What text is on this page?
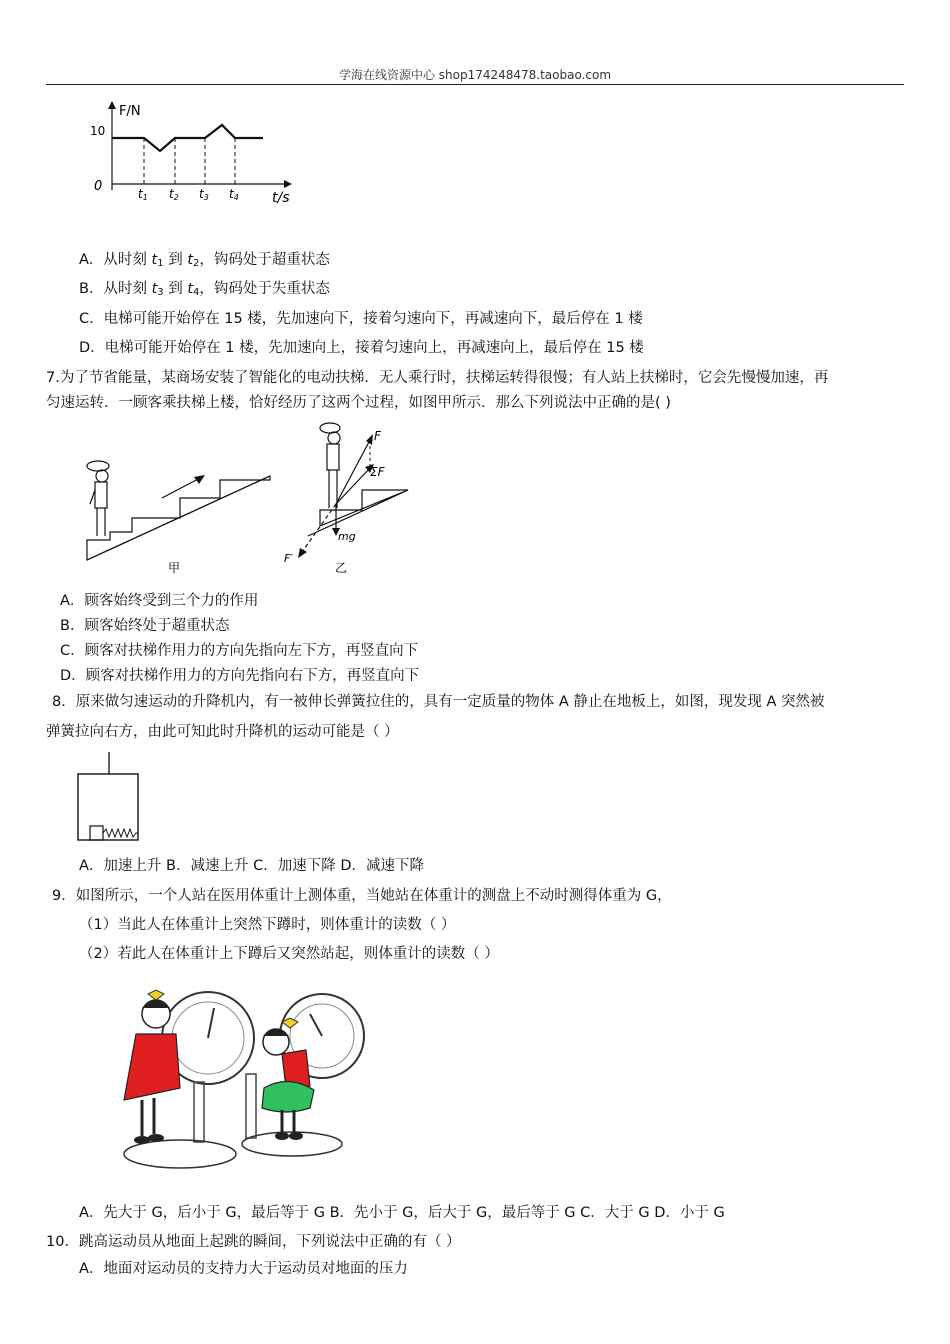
学海在线资源中心 shop174248478.taobao.com
F/N
10
0
t/s
t1 t2 t3 t4
A．从时刻 $t_1$ 到 $t_2$，钩码处于超重状态
B．从时刻 $t_3$ 到 $t_4$，钩码处于失重状态
C．电梯可能开始停在 15 楼，先加速向下，接着匀速向下，再减速向下，最后停在 1 楼
D．电梯可能开始停在 1 楼，先加速向上，接着匀速向上，再减速向上，最后停在 15 楼
7.为了节省能量，某商场安装了智能化的电动扶梯．无人乘行时，扶梯运转得很慢；有人站上扶梯时，它会先慢慢加速，再
匀速运转．一顾客乘扶梯上楼，恰好经历了这两个过程，如图甲所示．那么下列说法中正确的是( )
甲
F
ΣF
mg
F′
乙
A．顾客始终受到三个力的作用
B．顾客始终处于超重状态
C．顾客对扶梯作用力的方向先指向左下方，再竖直向下
D．顾客对扶梯作用力的方向先指向右下方，再竖直向下
8．原来做匀速运动的升降机内，有一被伸长弹簧拉住的，具有一定质量的物体 A 静止在地板上，如图，现发现 A 突然被
弹簧拉向右方，由此可知此时升降机的运动可能是（ ）
A．加速上升 B．减速上升 C．加速下降 D．减速下降
9．如图所示，一个人站在医用体重计上测体重，当她站在体重计的测盘上不动时测得体重为 G，
（1）当此人在体重计上突然下蹲时，则体重计的读数（ ）
（2）若此人在体重计上下蹲后又突然站起，则体重计的读数（ ）
A．先大于 G，后小于 G，最后等于 G B．先小于 G，后大于 G，最后等于 G C．大于 G D．小于 G
10．跳高运动员从地面上起跳的瞬间，下列说法中正确的有（ ）
A．地面对运动员的支持力大于运动员对地面的压力
